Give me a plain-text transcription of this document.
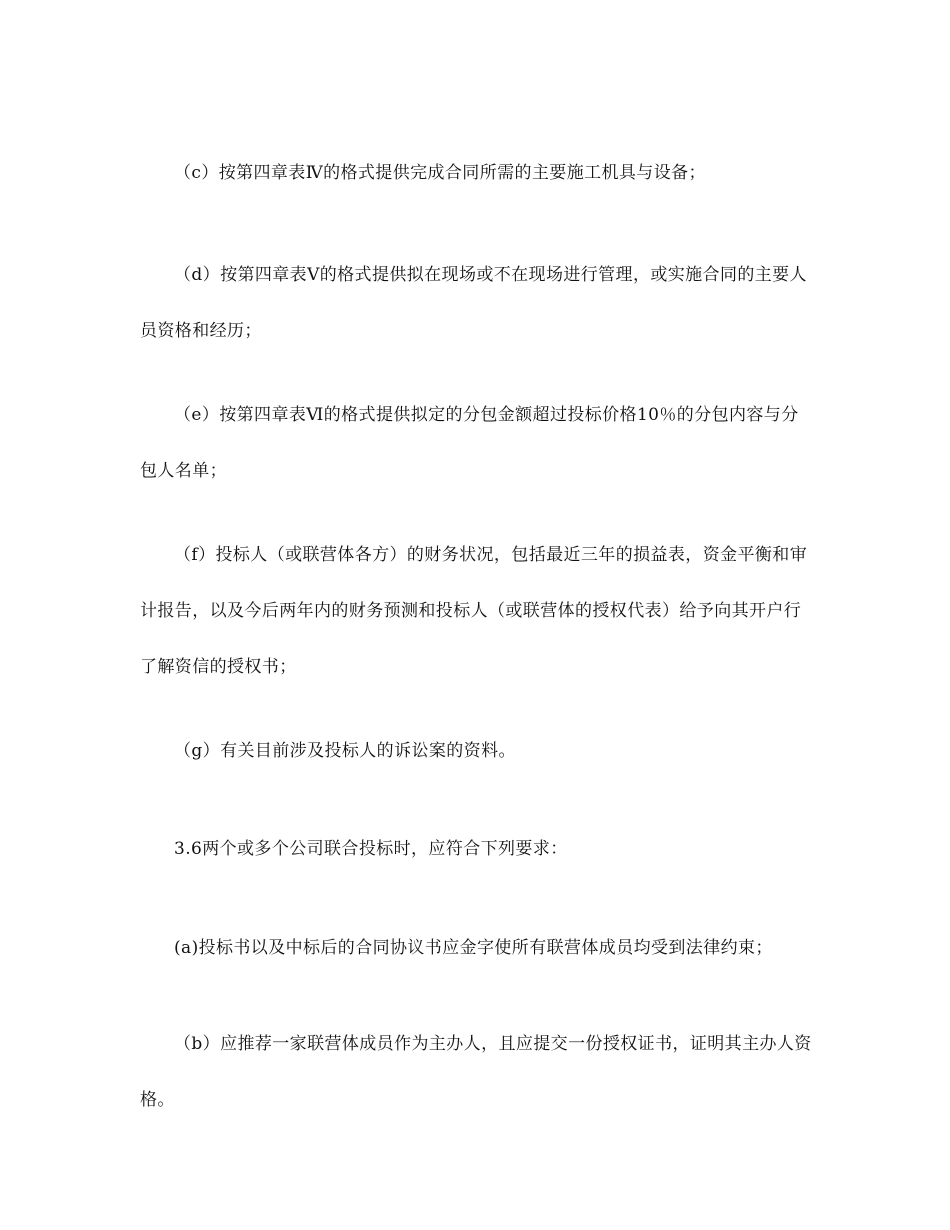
（c）按第四章表Ⅳ的格式提供完成合同所需的主要施工机具与设备；

（d）按第四章表Ⅴ的格式提供拟在现场或不在现场进行管理，或实施合同的主要人员资格和经历；

（e）按第四章表Ⅵ的格式提供拟定的分包金额超过投标价格10％的分包内容与分包人名单；

（f）投标人（或联营体各方）的财务状况，包括最近三年的损益表，资金平衡和审计报告，以及今后两年内的财务预测和投标人（或联营体的授权代表）给予向其开户行了解资信的授权书；

（g）有关目前涉及投标人的诉讼案的资料。

3.6两个或多个公司联合投标时，应符合下列要求：

(a)投标书以及中标后的合同协议书应金字使所有联营体成员均受到法律约束；

（b）应推荐一家联营体成员作为主办人，且应提交一份授权证书，证明其主办人资格。
